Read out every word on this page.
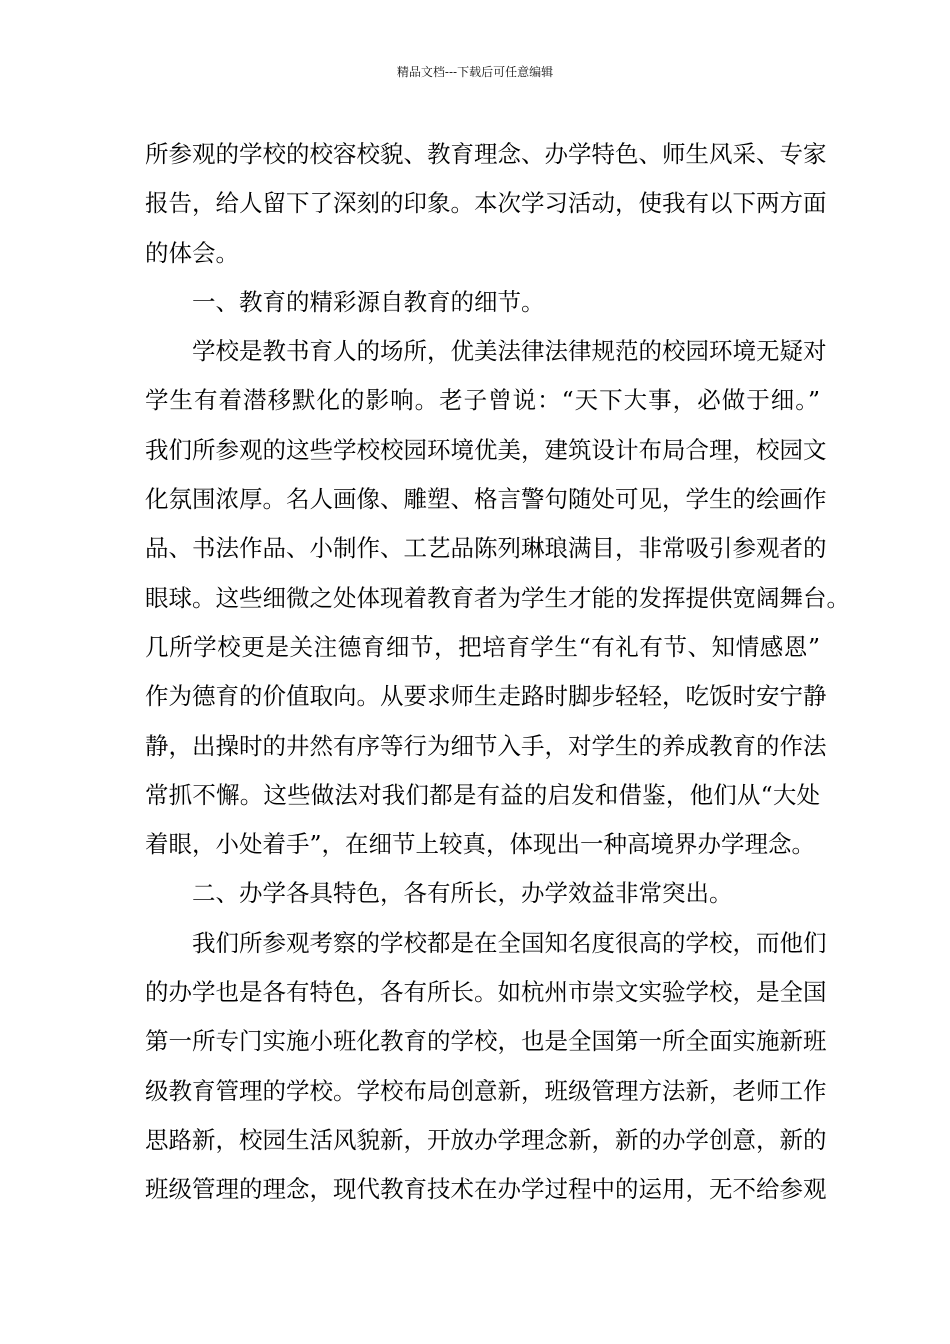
精品文档---下载后可任意编辑
所参观的学校的校容校貌、教育理念、办学特色、师生风采、专家
报告，给人留下了深刻的印象。本次学习活动，使我有以下两方面
的体会。
一、教育的精彩源自教育的细节。
学校是教书育人的场所，优美法律法律规范的校园环境无疑对
学生有着潜移默化的影响。老子曾说：“天下大事，必做于细。”
我们所参观的这些学校校园环境优美，建筑设计布局合理，校园文
化氛围浓厚。名人画像、雕塑、格言警句随处可见，学生的绘画作
品、书法作品、小制作、工艺品陈列琳琅满目，非常吸引参观者的
眼球。这些细微之处体现着教育者为学生才能的发挥提供宽阔舞台。
几所学校更是关注德育细节，把培育学生“有礼有节、知情感恩”
作为德育的价值取向。从要求师生走路时脚步轻轻，吃饭时安宁静
静，出操时的井然有序等行为细节入手，对学生的养成教育的作法
常抓不懈。这些做法对我们都是有益的启发和借鉴，他们从“大处
着眼，小处着手”，在细节上较真，体现出一种高境界办学理念。
二、办学各具特色，各有所长，办学效益非常突出。
我们所参观考察的学校都是在全国知名度很高的学校，而他们
的办学也是各有特色，各有所长。如杭州市崇文实验学校，是全国
第一所专门实施小班化教育的学校，也是全国第一所全面实施新班
级教育管理的学校。学校布局创意新，班级管理方法新，老师工作
思路新，校园生活风貌新，开放办学理念新，新的办学创意，新的
班级管理的理念，现代教育技术在办学过程中的运用，无不给参观
